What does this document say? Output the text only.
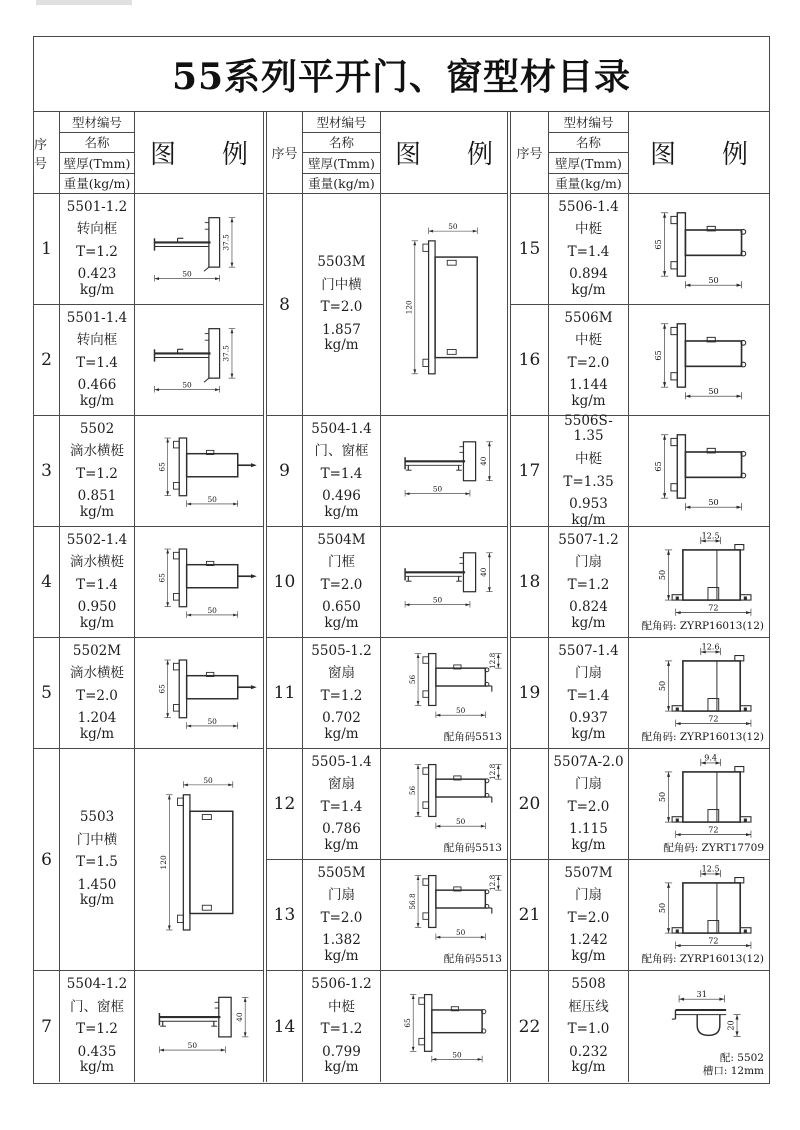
55系列平开门、窗型材目录
序号
型材编号
名称
壁厚(Tmm)
重量(kg/m)
图 例
1
5501-1.2
转向框
T=1.2
0.423 kg/m
37.5
50
2
5501-1.4
转向框
T=1.4
0.466 kg/m
37.5
50
3
5502
滴水横梃
T=1.2
0.851 kg/m
65
50
4
5502-1.4
滴水横梃
T=1.4
0.950 kg/m
65
50
5
5502M
滴水横梃
T=2.0
1.204 kg/m
65
50
6
5503
门中横
T=1.5
1.450 kg/m
50
120
7
5504-1.2
门、窗框
T=1.2
0.435 kg/m
40
50
序号
型材编号
名称
壁厚(Tmm)
重量(kg/m)
图 例
8
5503M
门中横
T=2.0
1.857 kg/m
50
120
9
5504-1.4
门、窗框
T=1.4
0.496 kg/m
40
50
10
5504M
门框
T=2.0
0.650 kg/m
40
50
11
5505-1.2
窗扇
T=1.2
0.702 kg/m
56
12.8
50
配角码5513
12
5505-1.4
窗扇
T=1.4
0.786 kg/m
56
12.8
50
配角码5513
13
5505M
门扇
T=2.0
1.382 kg/m
56.8
12.8
50
配角码5513
14
5506-1.2
中梃
T=1.2
0.799 kg/m
65
50
序号
型材编号
名称
壁厚(Tmm)
重量(kg/m)
图 例
15
5506-1.4
中梃
T=1.4
0.894 kg/m
65
50
16
5506M
中梃
T=2.0
1.144 kg/m
65
50
17
5506S-1.35
中梃
T=1.35
0.953 kg/m
65
50
18
5507-1.2
门扇
T=1.2
0.824 kg/m
12.5
50
72
配角码: ZYRP16013(12)
19
5507-1.4
门扇
T=1.4
0.937 kg/m
12.6
50
72
配角码: ZYRP16013(12)
20
5507A-2.0
门扇
T=2.0
1.115 kg/m
9.4
50
72
配角码: ZYRT17709
21
5507M
门扇
T=2.0
1.242 kg/m
12.5
50
72
配角码: ZYRP16013(12)
22
5508
框压线
T=1.0
0.232 kg/m
31
20
配: 5502
槽口: 12mm
